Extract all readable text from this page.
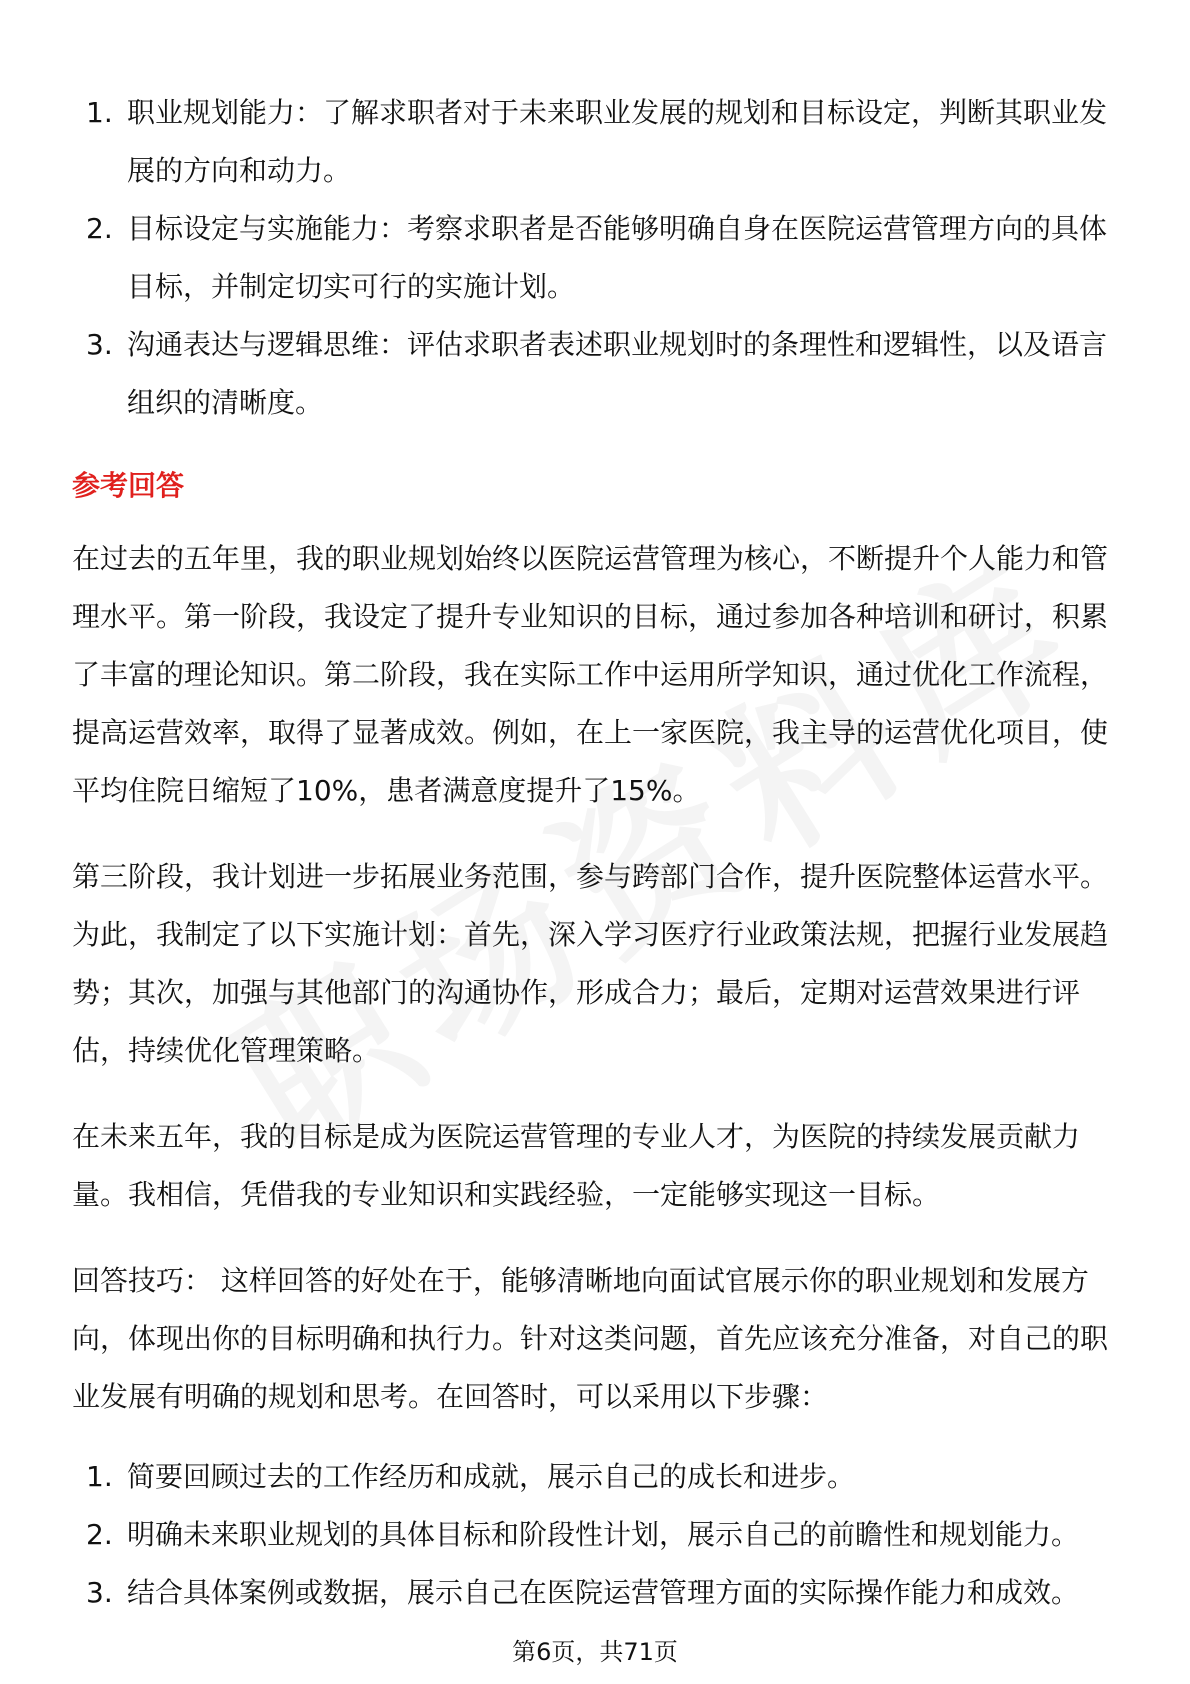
1. 职业规划能力：了解求职者对于未来职业发展的规划和目标设定，判断其职业发展的方向和动力。
2. 目标设定与实施能力：考察求职者是否能够明确自身在医院运营管理方向的具体目标，并制定切实可行的实施计划。
3. 沟通表达与逻辑思维：评估求职者表述职业规划时的条理性和逻辑性，以及语言组织的清晰度。
参考回答

在过去的五年里，我的职业规划始终以医院运营管理为核心，不断提升个人能力和管理水平。第一阶段，我设定了提升专业知识的目标，通过参加各种培训和研讨，积累了丰富的理论知识。第二阶段，我在实际工作中运用所学知识，通过优化工作流程，提高运营效率，取得了显著成效。例如，在上一家医院，我主导的运营优化项目，使平均住院日缩短了10%，患者满意度提升了15%。

第三阶段，我计划进一步拓展业务范围，参与跨部门合作，提升医院整体运营水平。为此，我制定了以下实施计划：首先，深入学习医疗行业政策法规，把握行业发展趋势；其次，加强与其他部门的沟通协作，形成合力；最后，定期对运营效果进行评估，持续优化管理策略。

在未来五年，我的目标是成为医院运营管理的专业人才，为医院的持续发展贡献力量。我相信，凭借我的专业知识和实践经验，一定能够实现这一目标。

回答技巧： 这样回答的好处在于，能够清晰地向面试官展示你的职业规划和发展方向，体现出你的目标明确和执行力。针对这类问题，首先应该充分准备，对自己的职业发展有明确的规划和思考。在回答时，可以采用以下步骤：

1. 简要回顾过去的工作经历和成就，展示自己的成长和进步。
2. 明确未来职业规划的具体目标和阶段性计划，展示自己的前瞻性和规划能力。
3. 结合具体案例或数据，展示自己在医院运营管理方面的实际操作能力和成效。
第6页，共71页
